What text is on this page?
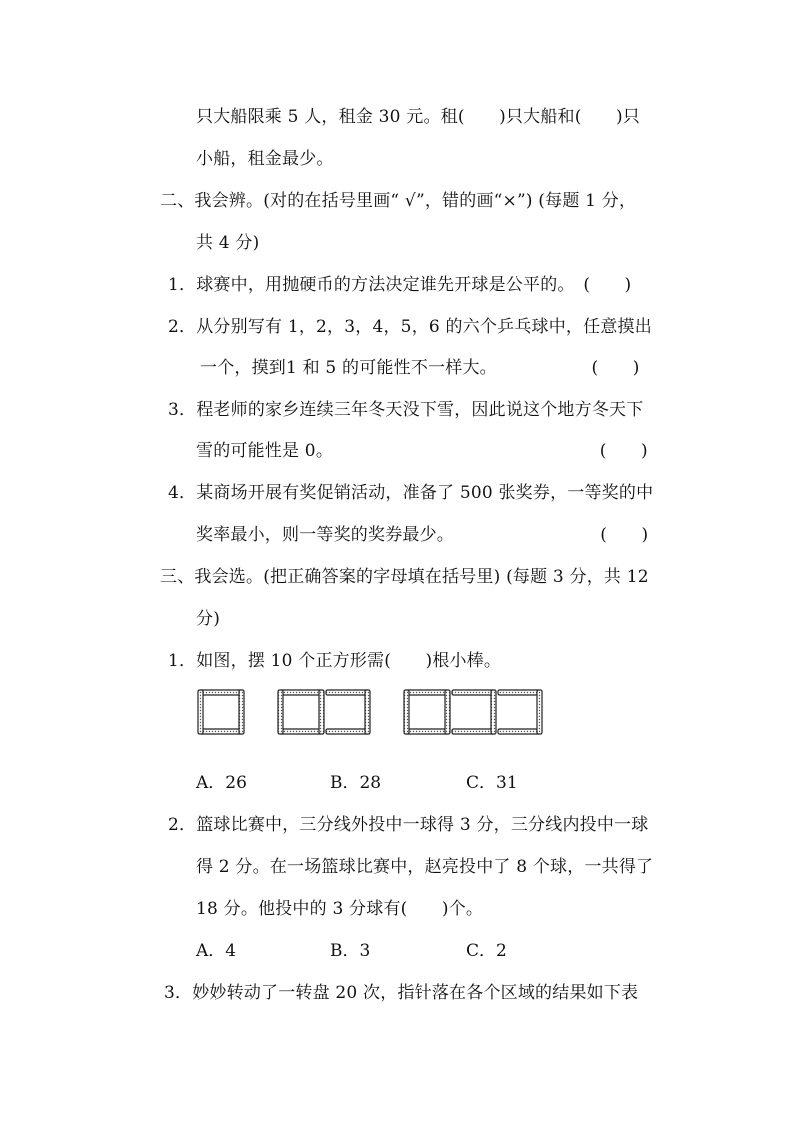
只大船限乘 5 人，租金 30 元。租(　　)只大船和(　　)只
小船，租金最少。
二、我会辨。(对的在括号里画“ √”，错的画“×”) (每题 1 分，
共 4 分)
1．球赛中，用抛硬币的方法决定谁先开球是公平的。　(　　)
2．从分别写有 1，2，3，4，5，6 的六个乒乓球中，任意摸出
一个，摸到1 和 5 的可能性不一样大。　　　　　　(　　)
3．程老师的家乡连续三年冬天没下雪，因此说这个地方冬天下
雪的可能性是 0。　　　　　　　　　　　　　　　　(　　)
4．某商场开展有奖促销活动，准备了 500 张奖券，一等奖的中
奖率最小，则一等奖的奖券最少。　　　　　　　　　(　　)
三、我会选。(把正确答案的字母填在括号里) (每题 3 分，共 12
分)
1．如图，摆 10 个正方形需(　　)根小棒。
A．26	B．28	C．31
2．篮球比赛中，三分线外投中一球得 3 分，三分线内投中一球
得 2 分。在一场篮球比赛中，赵亮投中了 8 个球，一共得了
18 分。他投中的 3 分球有(　　)个。
A．4	B．3	C．2
3．妙妙转动了一转盘 20 次，指针落在各个区域的结果如下表
